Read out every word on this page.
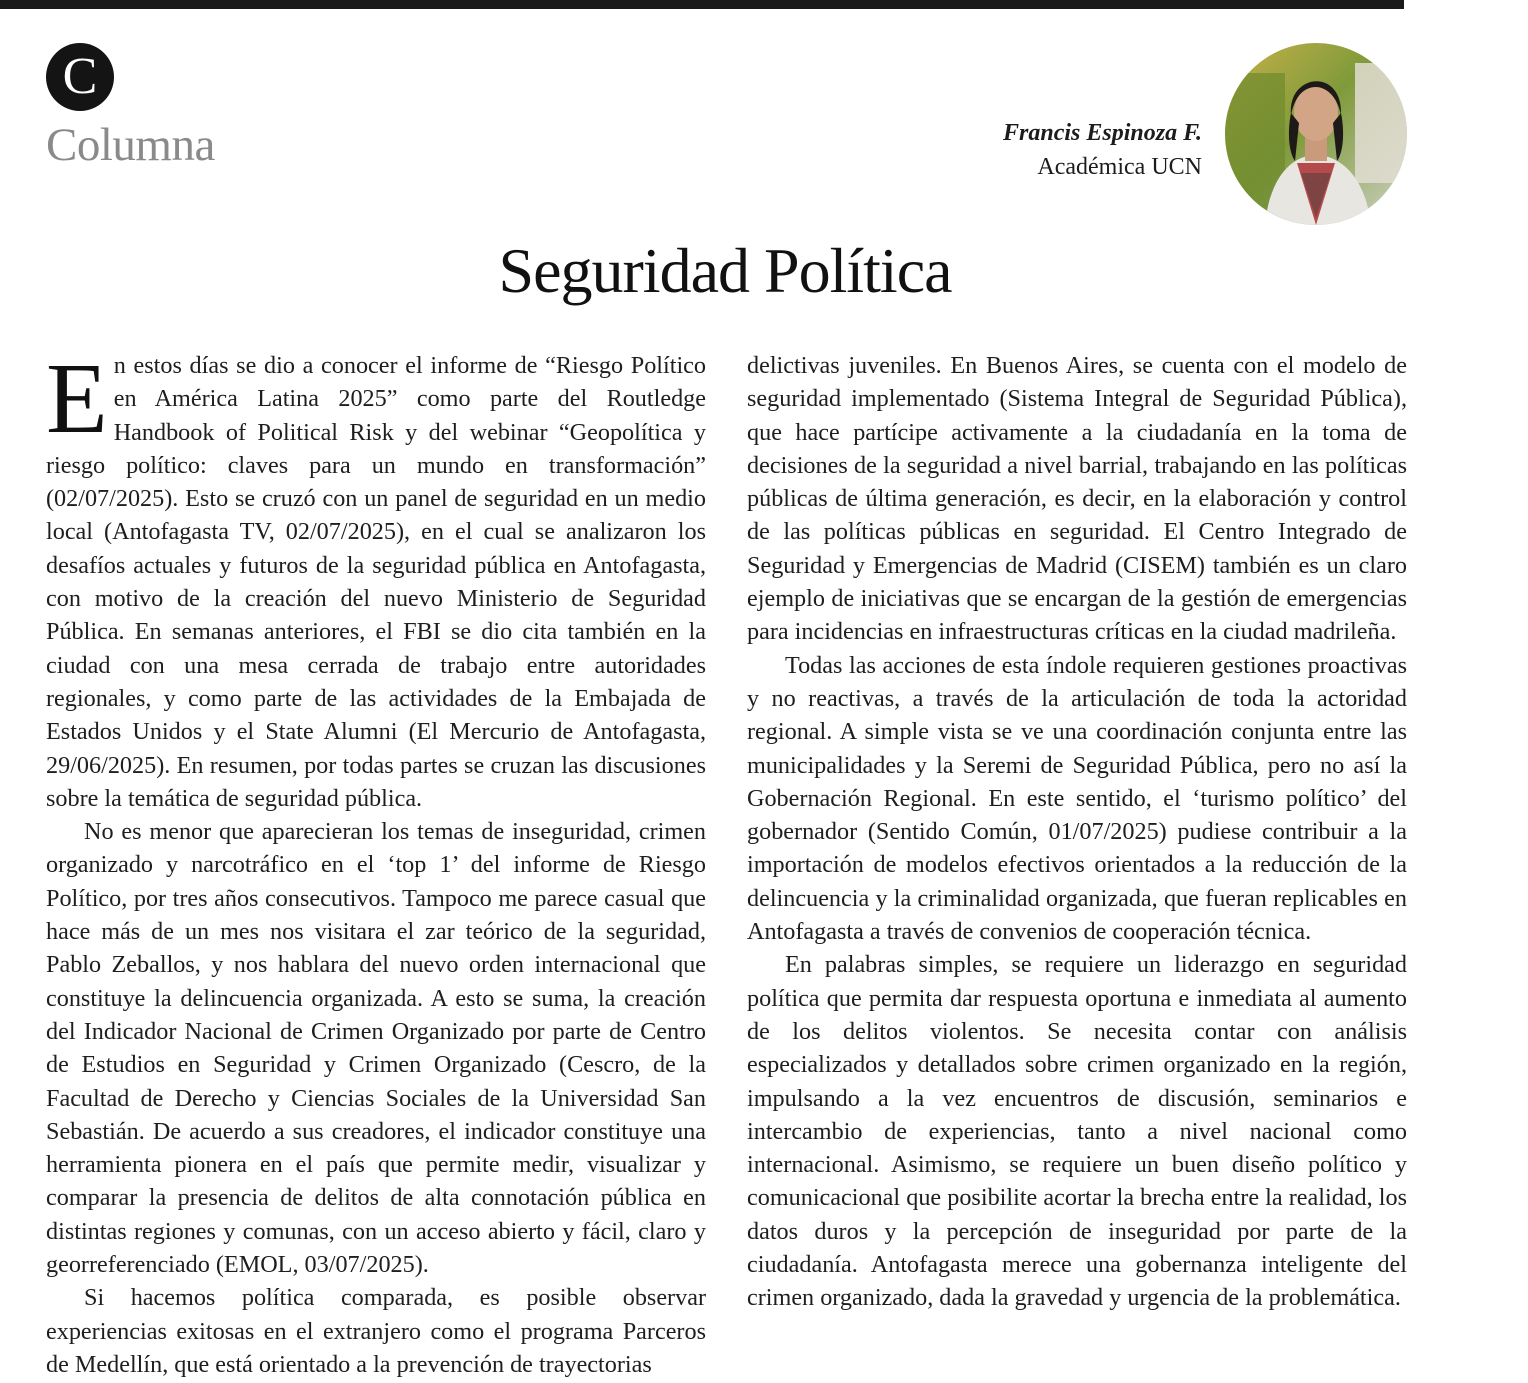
C
Columna	Francis Espinoza F.
Académica UCN
Seguridad Política

En estos días se dio a conocer el informe de “Riesgo Político en América Latina 2025” como parte del Routledge Handbook of Political Risk y del webinar “Geopolítica y riesgo político: claves para un mundo en transformación” (02/07/2025). Esto se cruzó con un panel de seguridad en un medio local (Antofagasta TV, 02/07/2025), en el cual se analizaron los desafíos actuales y futuros de la seguridad pública en Antofagasta, con motivo de la creación del nuevo Ministerio de Seguridad Pública. En semanas anteriores, el FBI se dio cita también en la ciudad con una mesa cerrada de trabajo entre autoridades regionales, y como parte de las actividades de la Embajada de Estados Unidos y el State Alumni (El Mercurio de Antofagasta, 29/06/2025). En resumen, por todas partes se cruzan las discusiones sobre la temática de seguridad pública.

No es menor que aparecieran los temas de inseguridad, crimen organizado y narcotráfico en el ‘top 1’ del informe de Riesgo Político, por tres años consecutivos. Tampoco me parece casual que hace más de un mes nos visitara el zar teórico de la seguridad, Pablo Zeballos, y nos hablara del nuevo orden internacional que constituye la delincuencia organizada. A esto se suma, la creación del Indicador Nacional de Crimen Organizado por parte de Centro de Estudios en Seguridad y Crimen Organizado (Cescro, de la Facultad de Derecho y Ciencias Sociales de la Universidad San Sebastián. De acuerdo a sus creadores, el indicador constituye una herramienta pionera en el país que permite medir, visualizar y comparar la presencia de delitos de alta connotación pública en distintas regiones y comunas, con un acceso abierto y fácil, claro y georreferenciado (EMOL, 03/07/2025).

Si hacemos política comparada, es posible observar experiencias exitosas en el extranjero como el programa Parceros de Medellín, que está orientado a la prevención de trayectorias

delictivas juveniles. En Buenos Aires, se cuenta con el modelo de seguridad implementado (Sistema Integral de Seguridad Pública), que hace partícipe activamente a la ciudadanía en la toma de decisiones de la seguridad a nivel barrial, trabajando en las políticas públicas de última generación, es decir, en la elaboración y control de las políticas públicas en seguridad. El Centro Integrado de Seguridad y Emergencias de Madrid (CISEM) también es un claro ejemplo de iniciativas que se encargan de la gestión de emergencias para incidencias en infraestructuras críticas en la ciudad madrileña.

Todas las acciones de esta índole requieren gestiones proactivas y no reactivas, a través de la articulación de toda la actoridad regional. A simple vista se ve una coordinación conjunta entre las municipalidades y la Seremi de Seguridad Pública, pero no así la Gobernación Regional. En este sentido, el ‘turismo político’ del gobernador (Sentido Común, 01/07/2025) pudiese contribuir a la importación de modelos efectivos orientados a la reducción de la delincuencia y la criminalidad organizada, que fueran replicables en Antofagasta a través de convenios de cooperación técnica.

En palabras simples, se requiere un liderazgo en seguridad política que permita dar respuesta oportuna e inmediata al aumento de los delitos violentos. Se necesita contar con análisis especializados y detallados sobre crimen organizado en la región, impulsando a la vez encuentros de discusión, seminarios e intercambio de experiencias, tanto a nivel nacional como internacional. Asimismo, se requiere un buen diseño político y comunicacional que posibilite acortar la brecha entre la realidad, los datos duros y la percepción de inseguridad por parte de la ciudadanía. Antofagasta merece una gobernanza inteligente del crimen organizado, dada la gravedad y urgencia de la problemática.
